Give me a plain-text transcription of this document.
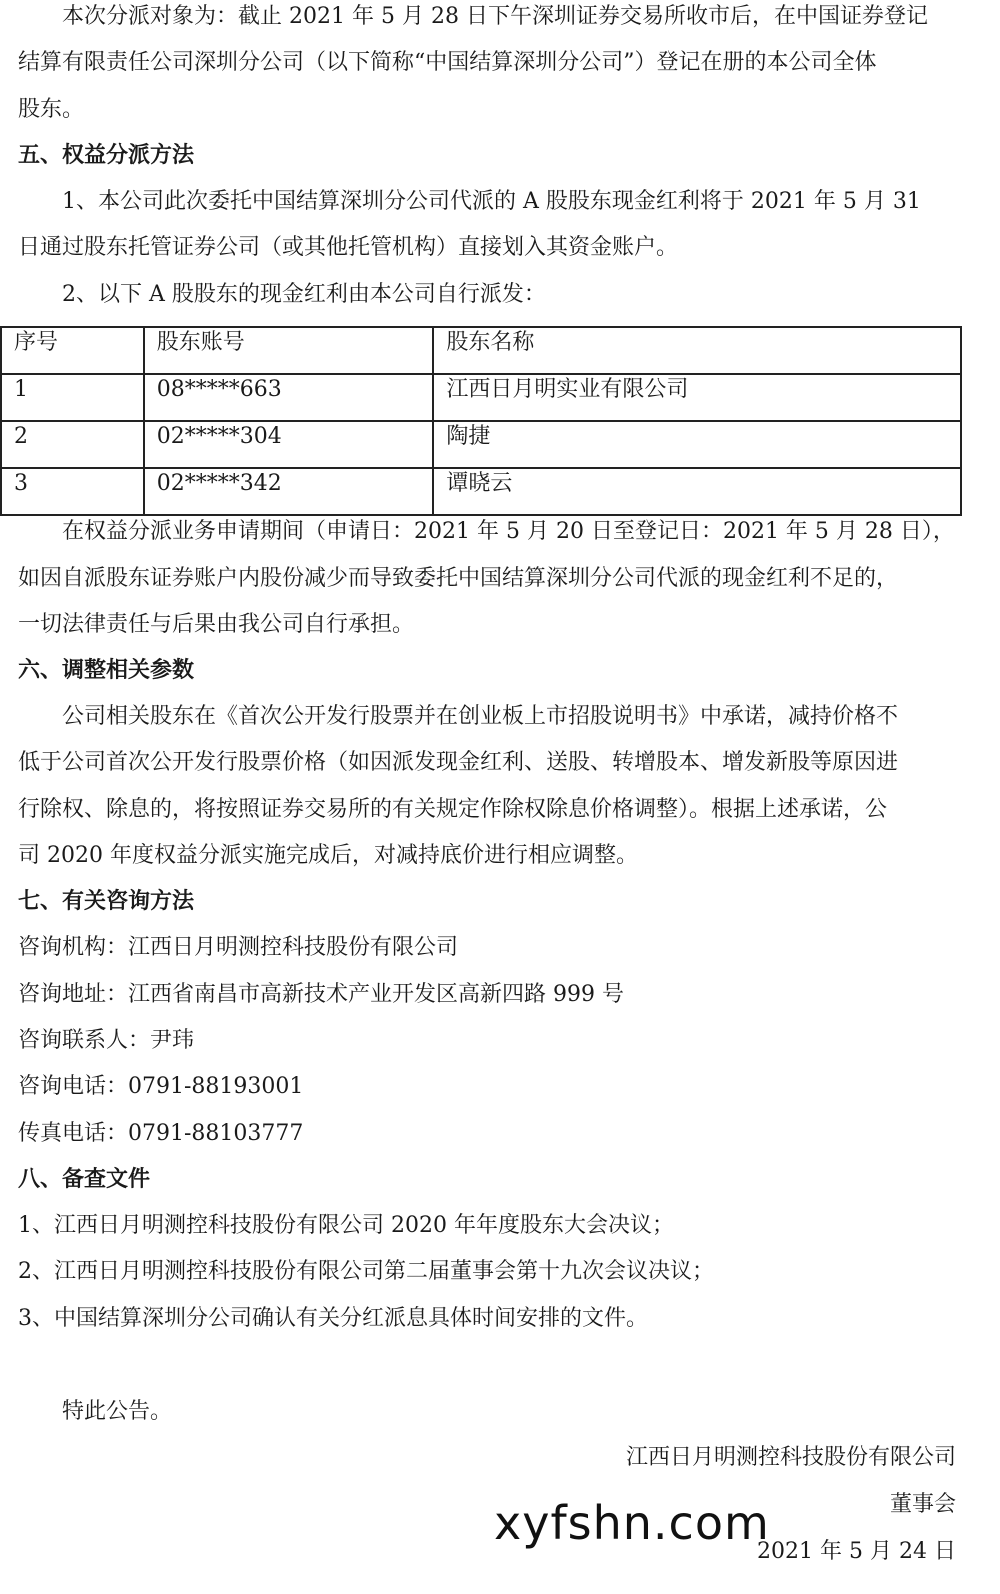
本次分派对象为：截止 2021 年 5 月 28 日下午深圳证券交易所收市后，在中国证券登记
结算有限责任公司深圳分公司（以下简称“中国结算深圳分公司”）登记在册的本公司全体
股东。
五、权益分派方法
1、本公司此次委托中国结算深圳分公司代派的 A 股股东现金红利将于 2021 年 5 月 31
日通过股东托管证券公司（或其他托管机构）直接划入其资金账户。
2、以下 A 股股东的现金红利由本公司自行派发：
序号	股东账号	股东名称
1	08*****663	江西日月明实业有限公司
2	02*****304	陶捷
3	02*****342	谭晓云
在权益分派业务申请期间（申请日：2021 年 5 月 20 日至登记日：2021 年 5 月 28 日），
如因自派股东证券账户内股份减少而导致委托中国结算深圳分公司代派的现金红利不足的，
一切法律责任与后果由我公司自行承担。
六、调整相关参数
公司相关股东在《首次公开发行股票并在创业板上市招股说明书》中承诺，减持价格不
低于公司首次公开发行股票价格（如因派发现金红利、送股、转增股本、增发新股等原因进
行除权、除息的，将按照证券交易所的有关规定作除权除息价格调整）。根据上述承诺，公
司 2020 年度权益分派实施完成后，对减持底价进行相应调整。
七、有关咨询方法
咨询机构：江西日月明测控科技股份有限公司
咨询地址：江西省南昌市高新技术产业开发区高新四路 999 号
咨询联系人：尹玮
咨询电话：0791-88193001
传真电话：0791-88103777
八、备查文件
1、江西日月明测控科技股份有限公司 2020 年年度股东大会决议；
2、江西日月明测控科技股份有限公司第二届董事会第十九次会议决议；
3、中国结算深圳分公司确认有关分红派息具体时间安排的文件。
特此公告。
江西日月明测控科技股份有限公司
董事会
2021 年 5 月 24 日
xyfshn.com
